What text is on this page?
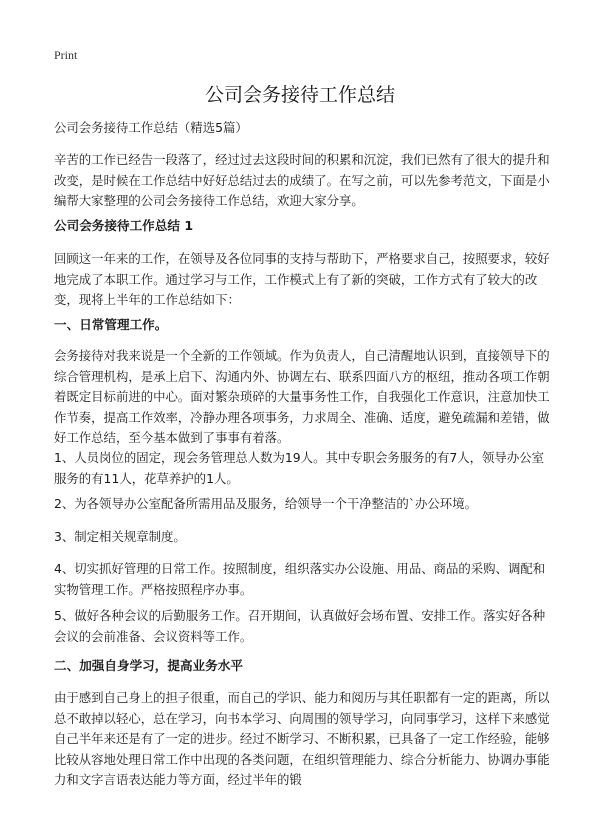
Print
公司会务接待工作总结
公司会务接待工作总结（精选5篇）
辛苦的工作已经告一段落了，经过过去这段时间的积累和沉淀，我们已然有了很大的提升和改变，是时候在工作总结中好好总结过去的成绩了。在写之前，可以先参考范文，下面是小编帮大家整理的公司会务接待工作总结，欢迎大家分享。
公司会务接待工作总结 1
回顾这一年来的工作，在领导及各位同事的支持与帮助下，严格要求自己，按照要求，较好地完成了本职工作。通过学习与工作，工作模式上有了新的突破，工作方式有了较大的改变，现将上半年的工作总结如下：
一、日常管理工作。
会务接待对我来说是一个全新的工作领域。作为负责人，自己清醒地认识到，直接领导下的综合管理机构，是承上启下、沟通内外、协调左右、联系四面八方的枢纽，推动各项工作朝着既定目标前进的中心。面对繁杂琐碎的大量事务性工作，自我强化工作意识，注意加快工作节奏，提高工作效率，冷静办理各项事务，力求周全、准确、适度，避免疏漏和差错，做好工作总结，至今基本做到了事事有着落。
1、人员岗位的固定，现会务管理总人数为19人。其中专职会务服务的有7人，领导办公室服务的有11人，花草养护的1人。
2、为各领导办公室配备所需用品及服务，给领导一个干净整洁的`办公环境。
3、制定相关规章制度。
4、切实抓好管理的日常工作。按照制度，组织落实办公设施、用品、商品的采购、调配和实物管理工作。严格按照程序办事。
5、做好各种会议的后勤服务工作。召开期间，认真做好会场布置、安排工作。落实好各种会议的会前准备、会议资料等工作。
二、加强自身学习，提高业务水平
由于感到自己身上的担子很重，而自己的学识、能力和阅历与其任职都有一定的距离，所以总不敢掉以轻心，总在学习，向书本学习、向周围的领导学习，向同事学习，这样下来感觉自己半年来还是有了一定的进步。经过不断学习、不断积累，已具备了一定工作经验，能够比较从容地处理日常工作中出现的各类问题，在组织管理能力、综合分析能力、协调办事能力和文字言语表达能力等方面，经过半年的锻
